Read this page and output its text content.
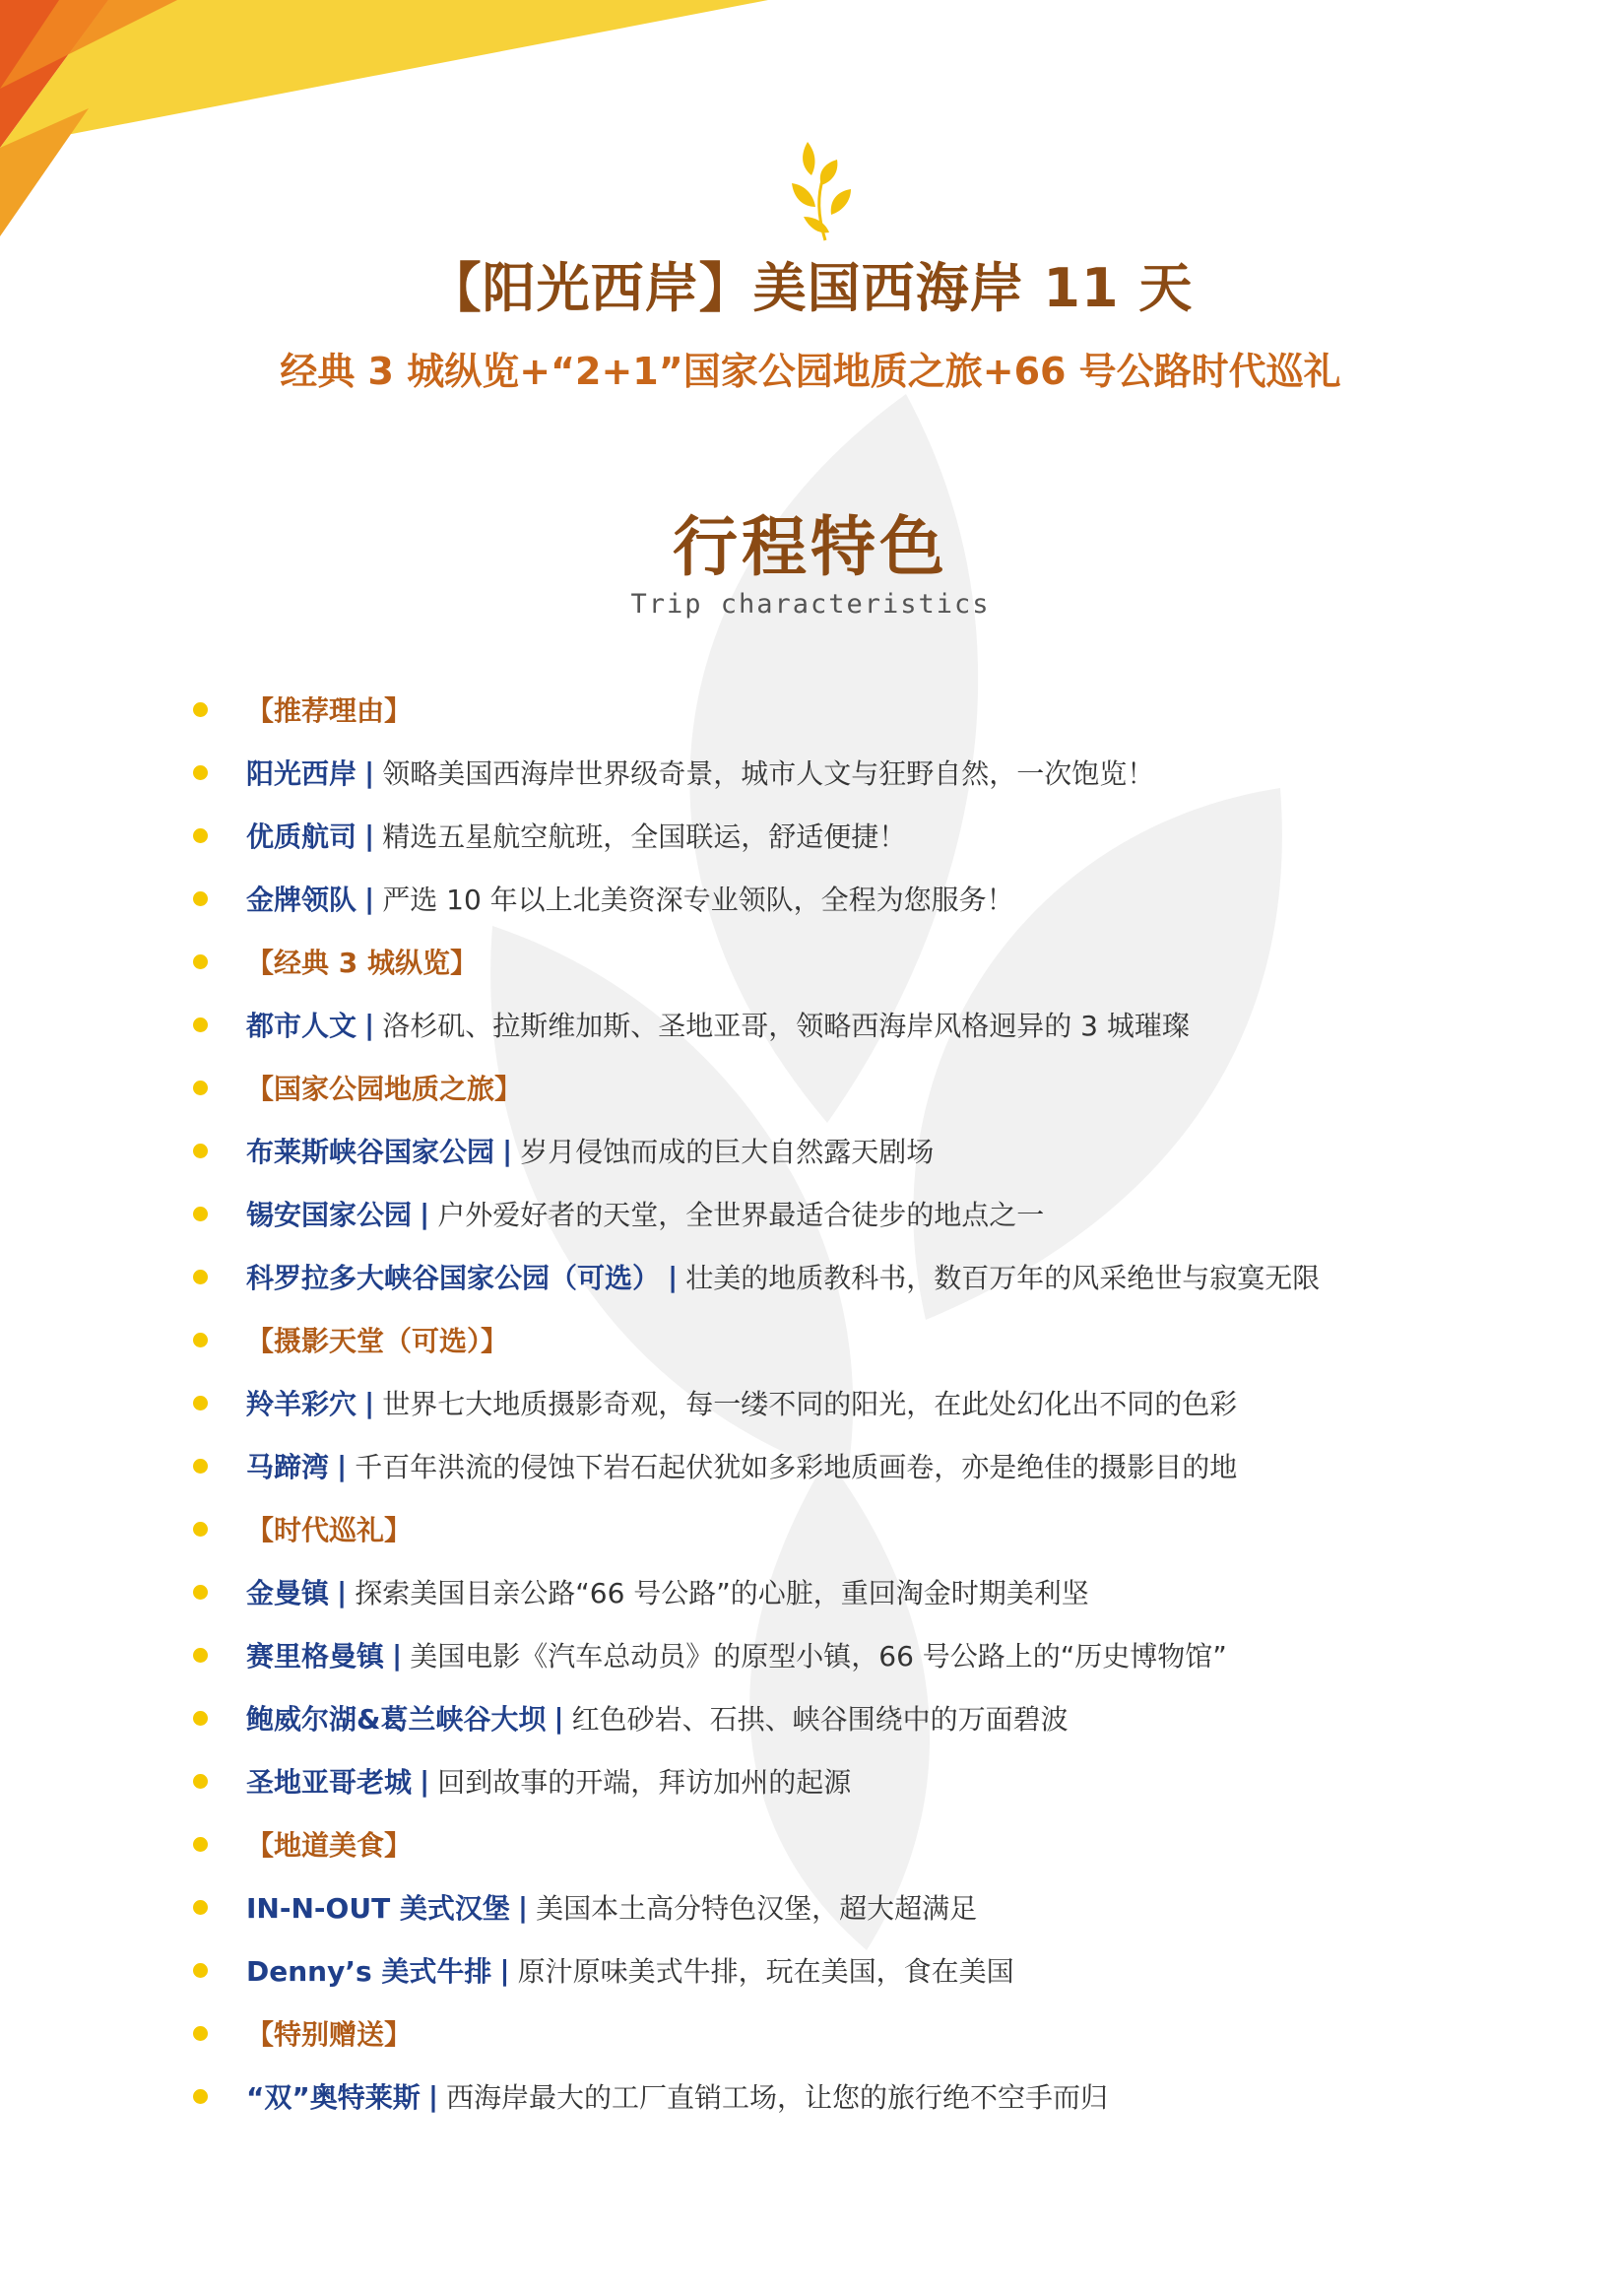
【阳光西岸】美国西海岸 11 天
经典 3 城纵览+“2+1”国家公园地质之旅+66 号公路时代巡礼
行程特色
Trip characteristics
【推荐理由】
阳光西岸 | 领略美国西海岸世界级奇景，城市人文与狂野自然，一次饱览！
优质航司 | 精选五星航空航班，全国联运，舒适便捷！
金牌领队 | 严选 10 年以上北美资深专业领队，全程为您服务！
【经典 3 城纵览】
都市人文 | 洛杉矶、拉斯维加斯、圣地亚哥，领略西海岸风格迥异的 3 城璀璨
【国家公园地质之旅】
布莱斯峡谷国家公园 | 岁月侵蚀而成的巨大自然露天剧场
锡安国家公园 | 户外爱好者的天堂，全世界最适合徒步的地点之一
科罗拉多大峡谷国家公园（可选） | 壮美的地质教科书，数百万年的风采绝世与寂寞无限
【摄影天堂（可选）】
羚羊彩穴 | 世界七大地质摄影奇观，每一缕不同的阳光，在此处幻化出不同的色彩
马蹄湾 | 千百年洪流的侵蚀下岩石起伏犹如多彩地质画卷，亦是绝佳的摄影目的地
【时代巡礼】
金曼镇 | 探索美国目亲公路“66 号公路”的心脏，重回淘金时期美利坚
赛里格曼镇 | 美国电影《汽车总动员》的原型小镇，66 号公路上的“历史博物馆”
鲍威尔湖&葛兰峡谷大坝 | 红色砂岩、石拱、峡谷围绕中的万面碧波
圣地亚哥老城 | 回到故事的开端，拜访加州的起源
【地道美食】
IN-N-OUT 美式汉堡 | 美国本土高分特色汉堡，超大超满足
Denny’s 美式牛排 | 原汁原味美式牛排，玩在美国，食在美国
【特别赠送】
“双”奥特莱斯 | 西海岸最大的工厂直销工场，让您的旅行绝不空手而归
